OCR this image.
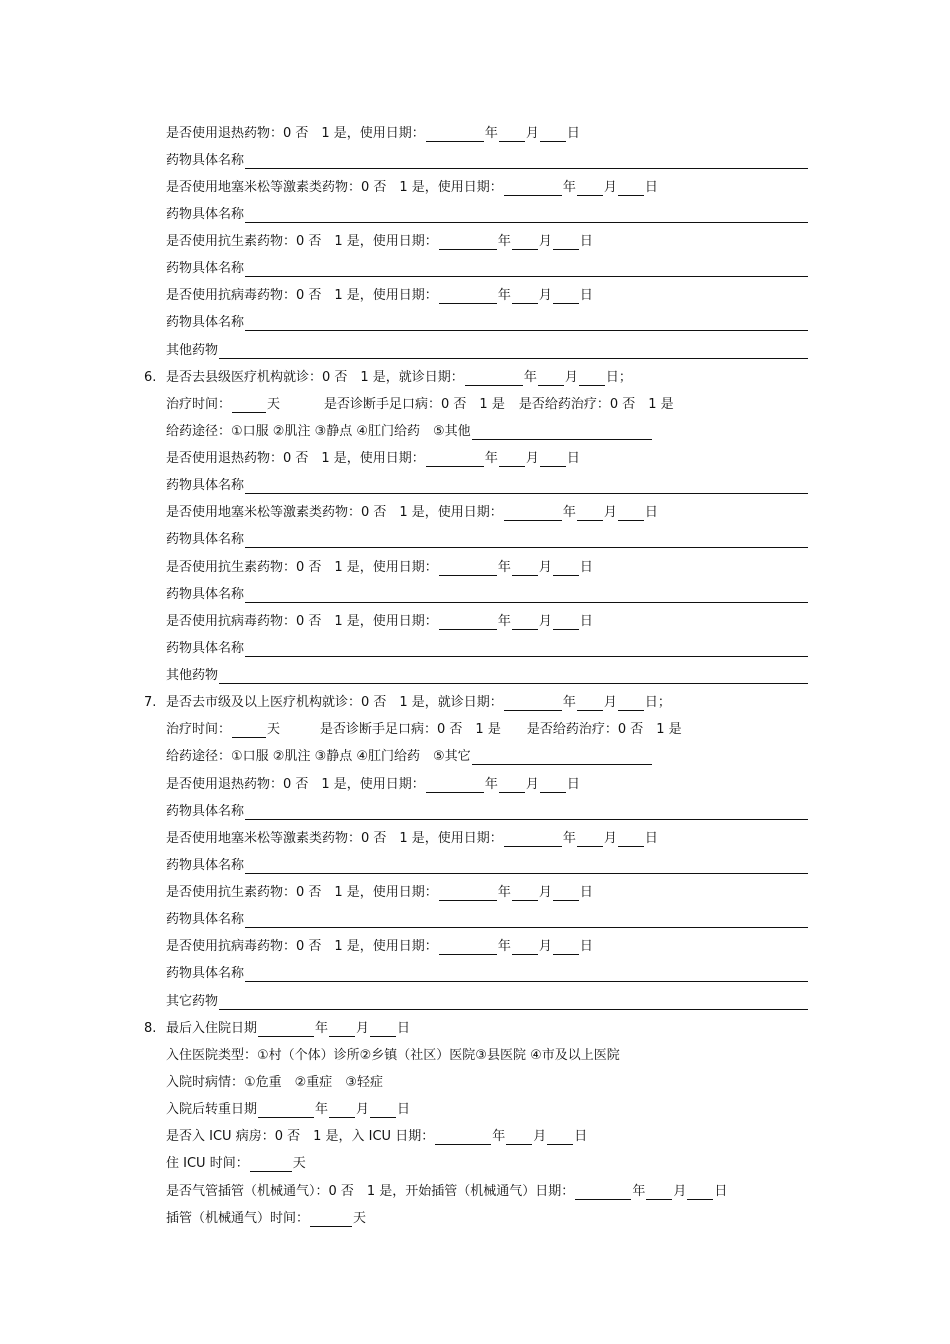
是否使用退热药物：0 否　1 是，使用日期：	年 月 日
药物具体名称
是否使用地塞米松等激素类药物：0 否　1 是，使用日期：	年 月 日
药物具体名称
是否使用抗生素药物：0 否　1 是，使用日期：	年 月 日
药物具体名称
是否使用抗病毒药物：0 否　1 是，使用日期：	年 月 日
药物具体名称
其他药物
6. 是否去县级医疗机构就诊：0 否　1 是，就诊日期：	年 月 日；
治疗时间：	天	是否诊断手足口病：0 否　1 是 是否给药治疗：0 否　1 是
给药途径：①口服 ②肌注 ③静点 ④肛门给药　⑤其他
是否使用退热药物：0 否　1 是，使用日期：	年 月 日
药物具体名称
是否使用地塞米松等激素类药物：0 否　1 是，使用日期：	年 月 日
药物具体名称
是否使用抗生素药物：0 否　1 是，使用日期：	年 月 日
药物具体名称
是否使用抗病毒药物：0 否　1 是，使用日期：	年 月 日
药物具体名称
其他药物
7. 是否去市级及以上医疗机构就诊：0 否　1 是，就诊日期：	年 月 日；
治疗时间：	天	是否诊断手足口病：0 否　1 是 是否给药治疗：0 否　1 是
给药途径：①口服 ②肌注 ③静点 ④肛门给药　⑤其它
是否使用退热药物：0 否　1 是，使用日期：	年 月 日
药物具体名称
是否使用地塞米松等激素类药物：0 否　1 是，使用日期：	年 月 日
药物具体名称
是否使用抗生素药物：0 否　1 是，使用日期：	年 月 日
药物具体名称
是否使用抗病毒药物：0 否　1 是，使用日期：	年 月 日
药物具体名称
其它药物
8. 最后入住院日期	年 月 日
入住医院类型：①村（个体）诊所②乡镇（社区）医院③县医院 ④市及以上医院
入院时病情：①危重　②重症　③轻症
入院后转重日期	年 月 日
是否入 ICU 病房：0 否　1 是，入 ICU 日期：	年 月 日
住 ICU 时间：	天
是否气管插管（机械通气）：0 否　1 是，开始插管（机械通气）日期：	年 月 日
插管（机械通气）时间：	天
